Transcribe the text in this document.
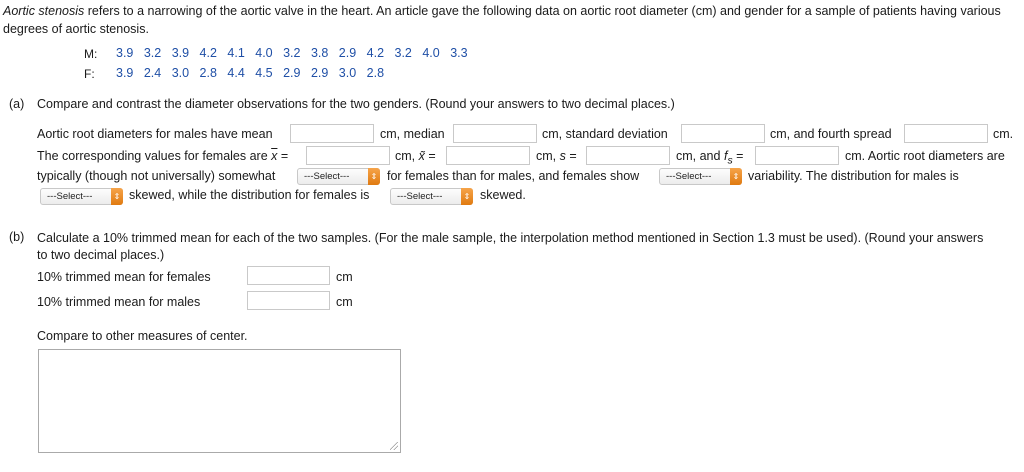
Aortic stenosis refers to a narrowing of the aortic valve in the heart. An article gave the following data on aortic root diameter (cm) and gender for a sample of patients having various degrees of aortic stenosis.
M: 3.9 3.2 3.9 4.2 4.1 4.0 3.2 3.8 2.9 4.2 3.2 4.0 3.3
F: 3.9 2.4 3.0 2.8 4.4 4.5 2.9 2.9 3.0 2.8
(a) Compare and contrast the diameter observations for the two genders. (Round your answers to two decimal places.)
Aortic root diameters for males have mean	cm, median	cm, standard deviation	cm, and fourth spread	cm.
The corresponding values for females are $\overline{x}$ =	cm, x̃ =	cm, s =	cm, and $f_s$ =	cm. Aortic root diameters are
typically (though not universally) somewhat	---Select---	⇕ for females than for males, and females show	---Select---	⇕ variability. The distribution for males is
---Select---	⇕ skewed, while the distribution for females is	---Select---	⇕ skewed.
(b) Calculate a 10% trimmed mean for each of the two samples. (For the male sample, the interpolation method mentioned in Section 1.3 must be used). (Round your answers to two decimal places.)
10% trimmed mean for females	cm
10% trimmed mean for males	cm
Compare to other measures of center.
